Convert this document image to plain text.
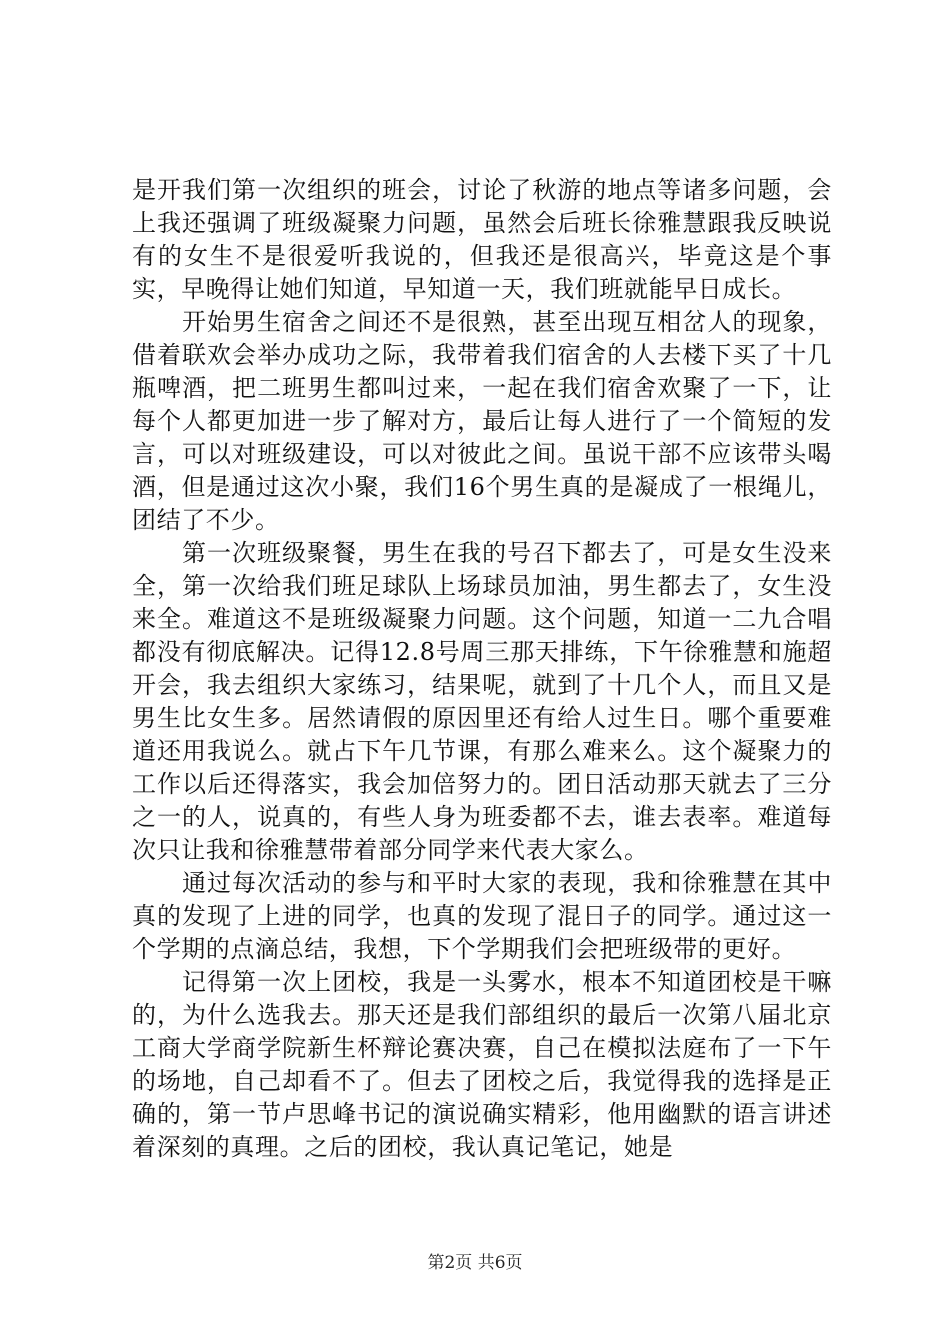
是开我们第一次组织的班会，讨论了秋游的地点等诸多问题，会上我还强调了班级凝聚力问题，虽然会后班长徐雅慧跟我反映说有的女生不是很爱听我说的，但我还是很高兴，毕竟这是个事实，早晚得让她们知道，早知道一天，我们班就能早日成长。

开始男生宿舍之间还不是很熟，甚至出现互相岔人的现象，借着联欢会举办成功之际，我带着我们宿舍的人去楼下买了十几瓶啤酒，把二班男生都叫过来，一起在我们宿舍欢聚了一下，让每个人都更加进一步了解对方，最后让每人进行了一个简短的发言，可以对班级建设，可以对彼此之间。虽说干部不应该带头喝酒，但是通过这次小聚，我们16个男生真的是凝成了一根绳儿，团结了不少。

第一次班级聚餐，男生在我的号召下都去了，可是女生没来全，第一次给我们班足球队上场球员加油，男生都去了，女生没来全。难道这不是班级凝聚力问题。这个问题，知道一二九合唱都没有彻底解决。记得12.8号周三那天排练，下午徐雅慧和施超开会，我去组织大家练习，结果呢，就到了十几个人，而且又是男生比女生多。居然请假的原因里还有给人过生日。哪个重要难道还用我说么。就占下午几节课，有那么难来么。这个凝聚力的工作以后还得落实，我会加倍努力的。团日活动那天就去了三分之一的人，说真的，有些人身为班委都不去，谁去表率。难道每次只让我和徐雅慧带着部分同学来代表大家么。

通过每次活动的参与和平时大家的表现，我和徐雅慧在其中真的发现了上进的同学，也真的发现了混日子的同学。通过这一个学期的点滴总结，我想，下个学期我们会把班级带的更好。

记得第一次上团校，我是一头雾水，根本不知道团校是干嘛的，为什么选我去。那天还是我们部组织的最后一次第八届北京工商大学商学院新生杯辩论赛决赛，自己在模拟法庭布了一下午的场地，自己却看不了。但去了团校之后，我觉得我的选择是正确的，第一节卢思峰书记的演说确实精彩，他用幽默的语言讲述着深刻的真理。之后的团校，我认真记笔记，她是

第2页 共6页
